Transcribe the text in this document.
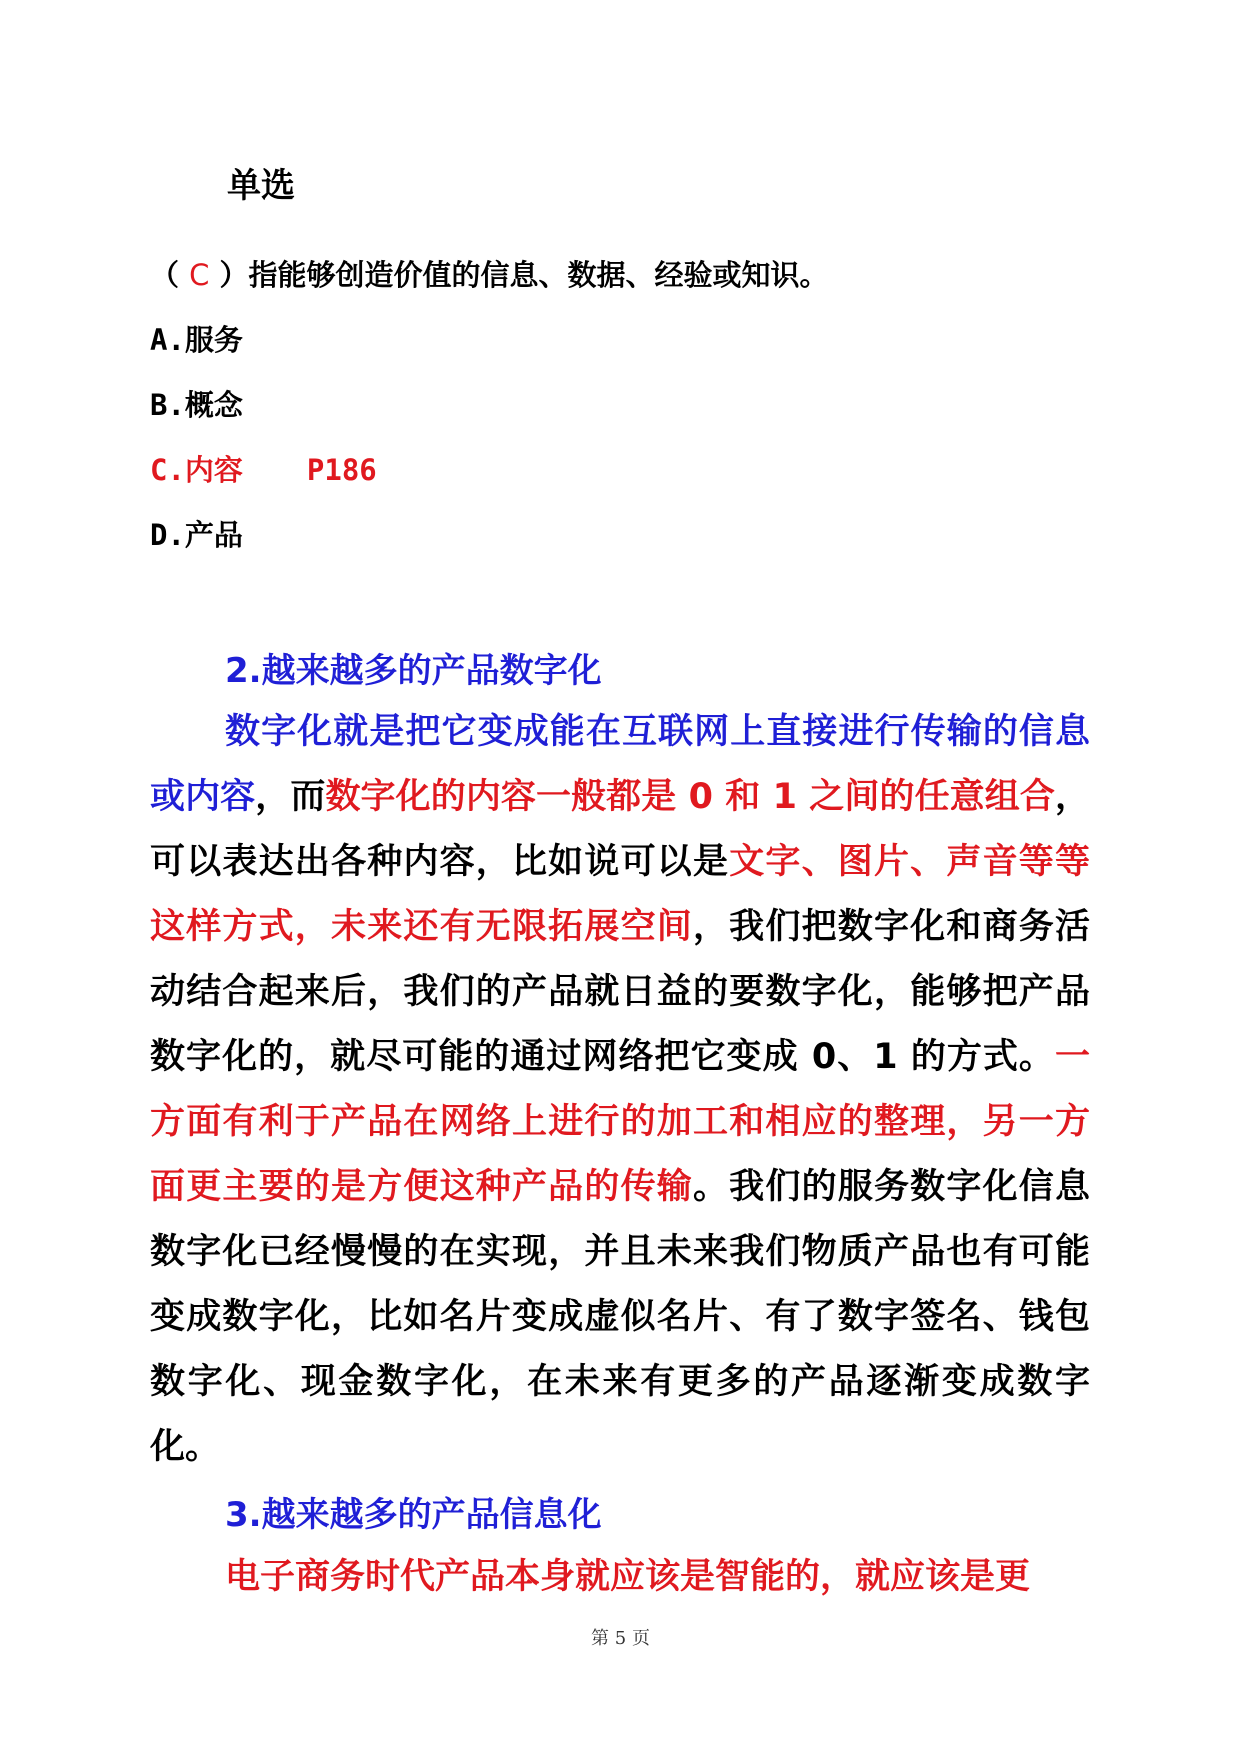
单选
（ C ）指能够创造价值的信息、数据、经验或知识。
A.服务
B.概念
C.内容 P186
D.产品
2.越来越多的产品数字化
数字化就是把它变成能在互联网上直接进行传输的信息或内容，而数字化的内容一般都是 0 和 1 之间的任意组合，可以表达出各种内容，比如说可以是文字、图片、声音等等这样方式，未来还有无限拓展空间，我们把数字化和商务活动结合起来后，我们的产品就日益的要数字化，能够把产品数字化的，就尽可能的通过网络把它变成 0、1 的方式。一方面有利于产品在网络上进行的加工和相应的整理，另一方面更主要的是方便这种产品的传输。我们的服务数字化信息数字化已经慢慢的在实现，并且未来我们物质产品也有可能变成数字化，比如名片变成虚似名片、有了数字签名、钱包数字化、现金数字化，在未来有更多的产品逐渐变成数字化。
3.越来越多的产品信息化
电子商务时代产品本身就应该是智能的，就应该是更
第 5 页
